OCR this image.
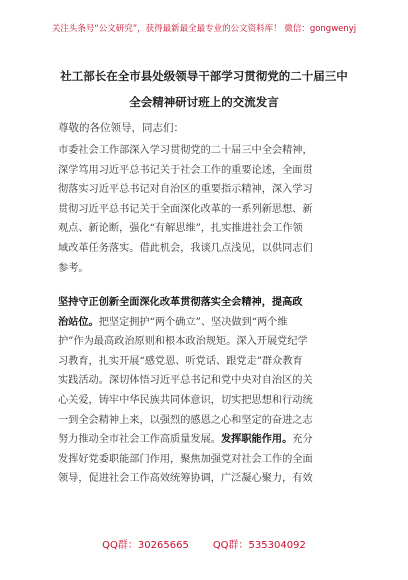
关注头条号“公文研究”，获得最新最全最专业的公文资料库！ 微信：gongwenyj
社工部长在全市县处级领导干部学习贯彻党的二十届三中
全会精神研讨班上的交流发言
尊敬的各位领导，同志们：
市委社会工作部深入学习贯彻党的二十届三中全会精神，
深学笃用习近平总书记关于社会工作的重要论述，全面贯
彻落实习近平总书记对自治区的重要指示精神，深入学习
贯彻习近平总书记关于全面深化改革的一系列新思想、新
观点、新论断，强化“有解思维”，扎实推进社会工作领
域改革任务落实。借此机会，我谈几点浅见，以供同志们
参考。
坚持守正创新全面深化改革贯彻落实全会精神，提高政
治站位。把坚定拥护“两个确立”、坚决做到“两个维
护”作为最高政治原则和根本政治规矩。深入开展党纪学
习教育，扎实开展“感党恩、听党话、跟党走”群众教育
实践活动。深切体悟习近平总书记和党中央对自治区的关
心关爱，铸牢中华民族共同体意识，切实把思想和行动统
一到全会精神上来，以强烈的感恩之心和坚定的奋进之志
努力推动全市社会工作高质量发展。发挥职能作用。充分
发挥好党委职能部门作用，聚焦加强党对社会工作的全面
领导，促进社会工作高效统筹协调，广泛凝心聚力，有效
QQ群：30265665 QQ群：535304092
